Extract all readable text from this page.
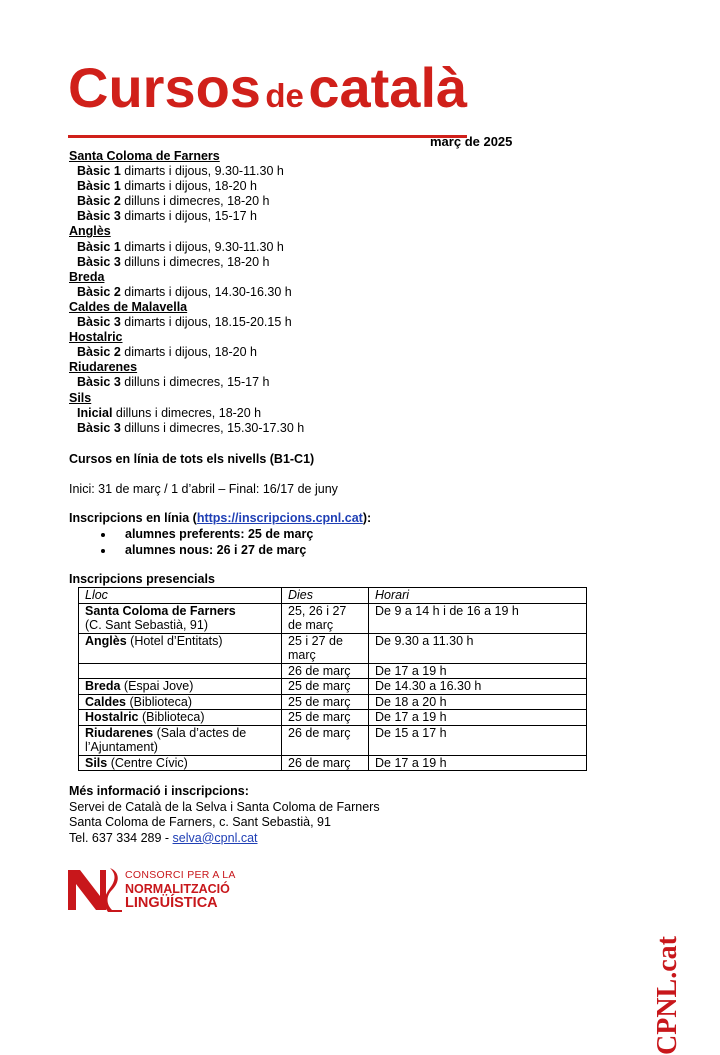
Cursos de català
març de 2025
Santa Coloma de Farners
Bàsic 1 dimarts i dijous, 9.30-11.30 h
Bàsic 1 dimarts i dijous, 18-20 h
Bàsic 2 dilluns i dimecres, 18-20 h
Bàsic 3 dimarts i dijous, 15-17 h
Anglès
Bàsic 1 dimarts i dijous, 9.30-11.30 h
Bàsic 3 dilluns i dimecres, 18-20 h
Breda
Bàsic 2 dimarts i dijous, 14.30-16.30 h
Caldes de Malavella
Bàsic 3 dimarts i dijous, 18.15-20.15 h
Hostalric
Bàsic 2 dimarts i dijous, 18-20 h
Riudarenes
Bàsic 3 dilluns i dimecres, 15-17 h
Sils
Inicial dilluns i dimecres, 18-20 h
Bàsic 3 dilluns i dimecres, 15.30-17.30 h
Cursos en línia de tots els nivells (B1-C1)
Inici: 31 de març / 1 d’abril – Final: 16/17 de juny
Inscripcions en línia (https://inscripcions.cpnl.cat):
• alumnes preferents: 25 de març
• alumnes nous: 26 i 27 de març
Inscripcions presencials
Lloc	Dies	Horari
Santa Coloma de Farners
(C. Sant Sebastià, 91)	25, 26 i 27 de març	De 9 a 14 h i de 16 a 19 h
Anglès (Hotel d’Entitats)	25 i 27 de març	De 9.30 a 11.30 h
	26 de març	De 17 a 19 h
Breda (Espai Jove)	25 de març	De 14.30 a 16.30 h
Caldes (Biblioteca)	25 de març	De 18 a 20 h
Hostalric (Biblioteca)	25 de març	De 17 a 19 h
Riudarenes (Sala d’actes de l’Ajuntament)	26 de març	De 15 a 17 h
Sils (Centre Cívic)	26 de març	De 17 a 19 h
Més informació i inscripcions:
Servei de Català de la Selva i Santa Coloma de Farners
Santa Coloma de Farners, c. Sant Sebastià, 91
Tel. 637 334 289 - selva@cpnl.cat
CONSORCI PER A LA
NORMALITZACIÓ
LINGÜÍSTICA
CPNL.cat
